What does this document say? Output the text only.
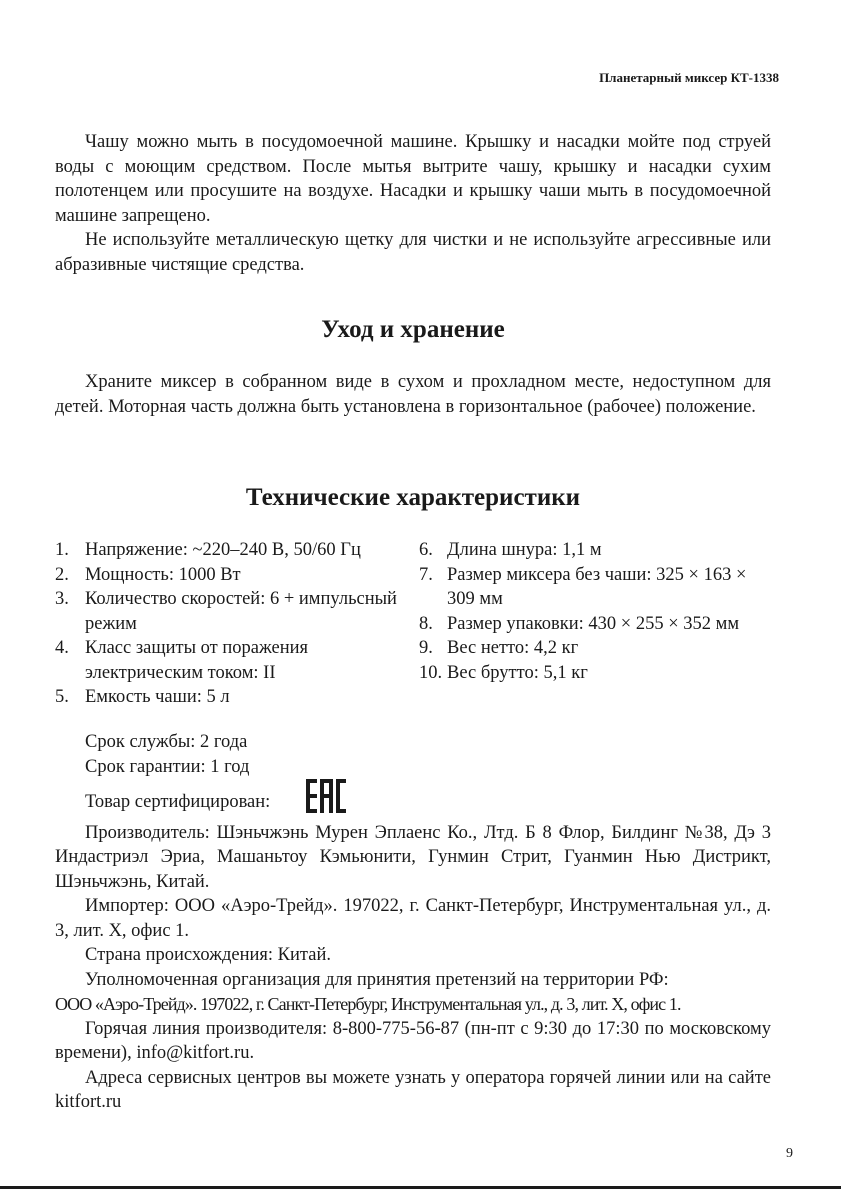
Планетарный миксер КТ-1338

Чашу можно мыть в посудомоечной машине. Крышку и насадки мойте под струей воды с моющим средством. После мытья вытрите чашу, крышку и насадки сухим полотенцем или просушите на воздухе. Насадки и крышку чаши мыть в посудомоечной машине запрещено.

Не используйте металлическую щетку для чистки и не используйте агрессивные или абразивные чистящие средства.

Уход и хранение

Храните миксер в собранном виде в сухом и прохладном месте, недоступном для детей. Моторная часть должна быть установлена в горизонтальное (рабочее) положение.

Технические характеристики
1. Напряжение: ~220–240 В, 50/60 Гц
2. Мощность: 1000 Вт
3. Количество скоростей: 6 + импульсный режим
4. Класс защиты от поражения электрическим током: II
5. Емкость чаши: 5 л
6. Длина шнура: 1,1 м
7. Размер миксера без чаши: 325 × 163 × 309 мм
8. Размер упаковки: 430 × 255 × 352 мм
9. Вес нетто: 4,2 кг
10. Вес брутто: 5,1 кг

Срок службы: 2 года

Срок гарантии: 1 год

Товар сертифицирован:

Производитель: Шэньчжэнь Мурен Эплаенс Ко., Лтд. Б 8 Флор, Билдинг №38, Дэ 3 Индастриэл Эриа, Машаньтоу Кэмьюнити, Гунмин Стрит, Гуанмин Нью Дистрикт, Шэньчжэнь, Китай.

Импортер: ООО «Аэро-Трейд». 197022, г. Санкт-Петербург, Инструментальная ул., д. 3, лит. Х, офис 1.

Страна происхождения: Китай.

Уполномоченная организация для принятия претензий на территории РФ:

ООО «Аэро-Трейд». 197022, г. Санкт-Петербург, Инструментальная ул., д. 3, лит. Х, офис 1.

Горячая линия производителя: 8-800-775-56-87 (пн-пт с 9:30 до 17:30 по московскому времени), info@kitfort.ru.

Адреса сервисных центров вы можете узнать у оператора горячей линии или на сайте kitfort.ru

9
